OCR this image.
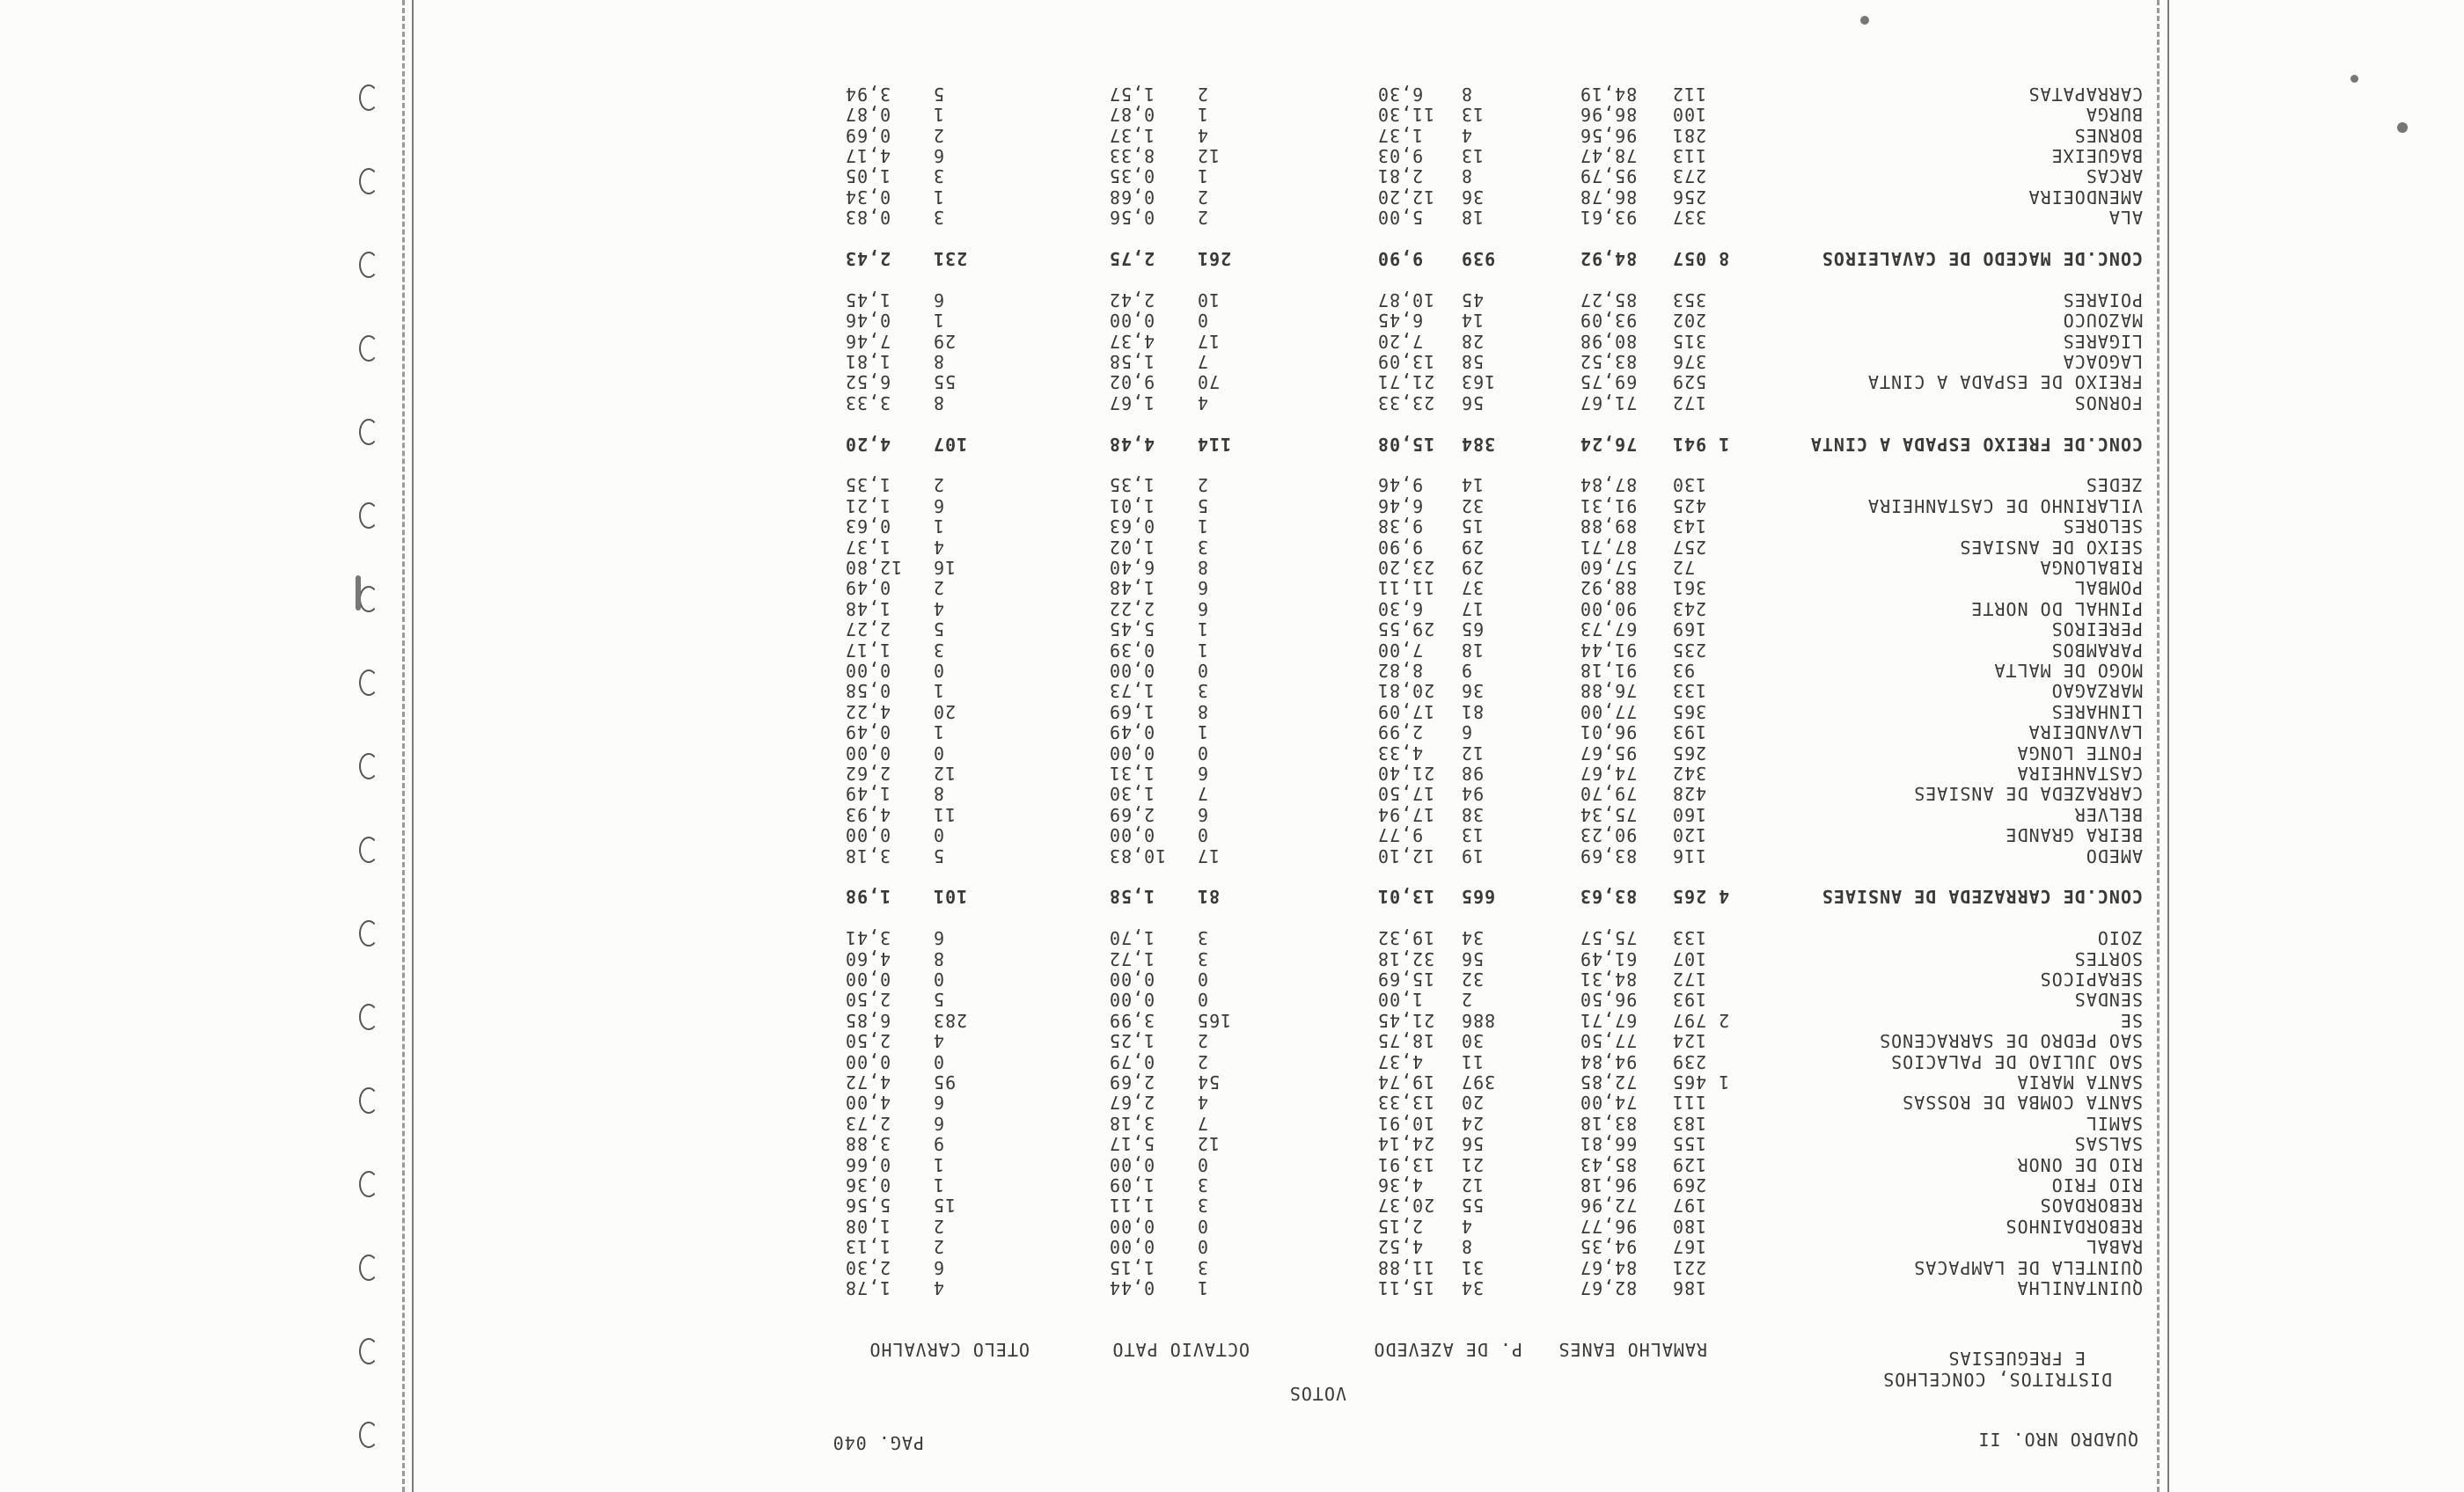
QUADRO NRO. II
PAG. 040
VOTOS
DISTRITOS, CONCELHOS
E FREGUESIAS
RAMALHO EANES
P. DE AZEVEDO
OCTAVIO PATO
OTELO CARVALHO
QUINTANILHA
186
82,67
34
15,11
1
0,44
4
1,78
QUINTELA DE LAMPACAS
221
84,67
31
11,88
3
1,15
6
2,30
RABAL
167
94,35
8
4,52
0
0,00
2
1,13
REBORDAINHOS
180
96,77
4
2,15
0
0,00
2
1,08
REBORDAOS
197
72,96
55
20,37
3
1,11
15
5,56
RIO FRIO
269
96,18
12
4,36
3
1,09
1
0,36
RIO DE ONOR
129
85,43
21
13,91
0
0,00
1
0,66
SALSAS
155
66,81
56
24,14
12
5,17
9
3,88
SAMIL
183
83,18
24
10,91
7
3,18
6
2,73
SANTA COMBA DE ROSSAS
111
74,00
20
13,33
4
2,67
6
4,00
SANTA MARIA
1 465
72,85
397
19,74
54
2,69
95
4,72
SAO JULIAO DE PALACIOS
239
94,84
11
4,37
2
0,79
0
0,00
SAO PEDRO DE SARRACENOS
124
77,50
30
18,75
2
1,25
4
2,50
SE
2 797
67,71
886
21,45
165
3,99
283
6,85
SENDAS
193
96,50
2
1,00
0
0,00
5
2,50
SERAPICOS
172
84,31
32
15,69
0
0,00
0
0,00
SORTES
107
61,49
56
32,18
3
1,72
8
4,60
ZOIO
133
75,57
34
19,32
3
1,70
6
3,41
CONC.DE CARRAZEDA DE ANSIAES
4 265
83,63
665
13,01
81
1,58
101
1,98
AMEDO
116
83,69
19
12,10
17
10,83
5
3,18
BEIRA GRANDE
120
90,23
13
9,77
0
0,00
0
0,00
BELVER
160
75,34
38
17,94
6
2,69
11
4,93
CARRAZEDA DE ANSIAES
428
79,70
94
17,50
7
1,30
8
1,49
CASTANHEIRA
342
74,67
98
21,40
6
1,31
12
2,62
FONTE LONGA
265
95,67
12
4,33
0
0,00
0
0,00
LAVANDEIRA
193
96,01
6
2,99
1
0,49
1
0,49
LINHARES
365
77,00
81
17,09
8
1,69
20
4,22
MARZAGAO
133
76,88
36
20,81
3
1,73
1
0,58
MOGO DE MALTA
93
91,18
9
8,82
0
0,00
0
0,00
PARAMBOS
235
91,44
18
7,00
1
0,39
3
1,17
PEREIROS
169
67,73
65
29,55
1
5,45
5
2,27
PINHAL DO NORTE
243
90,00
17
6,30
6
2,22
4
1,48
POMBAL
361
88,92
37
11,11
6
1,48
2
0,49
RIBALONGA
72
57,60
29
23,20
8
6,40
16
12,80
SEIXO DE ANSIAES
257
87,71
29
9,90
3
1,02
4
1,37
SELORES
143
89,88
15
9,38
1
0,63
1
0,63
VILARINHO DE CASTANHEIRA
425
91,31
32
6,46
5
1,01
6
1,21
ZEDES
130
87,84
14
9,46
2
1,35
2
1,35
CONC.DE FREIXO ESPADA A CINTA
1 941
76,24
384
15,08
114
4,48
107
4,20
FORNOS
172
71,67
56
23,33
4
1,67
8
3,33
FREIXO DE ESPADA A CINTA
529
69,75
163
21,71
70
9,02
55
6,52
LAGOACA
376
83,52
58
13,09
7
1,58
8
1,81
LIGARES
315
80,98
28
7,20
17
4,37
29
7,46
MAZOUCO
202
93,09
14
6,45
0
0,00
1
0,46
POIARES
353
85,27
45
10,87
10
2,42
6
1,45
CONC.DE MACEDO DE CAVALEIROS
8 057
84,92
939
9,90
261
2,75
231
2,43
ALA
337
93,61
18
5,00
2
0,56
3
0,83
AMENDOEIRA
256
86,78
36
12,20
2
0,68
1
0,34
ARCAS
273
95,79
8
2,81
1
0,35
3
1,05
BAGUEIXE
113
78,47
13
9,03
12
8,33
6
4,17
BORNES
281
96,56
4
1,37
4
1,37
2
0,69
BURGA
100
86,96
13
11,30
1
0,87
1
0,87
CARRAPATAS
112
84,19
8
6,30
2
1,57
5
3,94
